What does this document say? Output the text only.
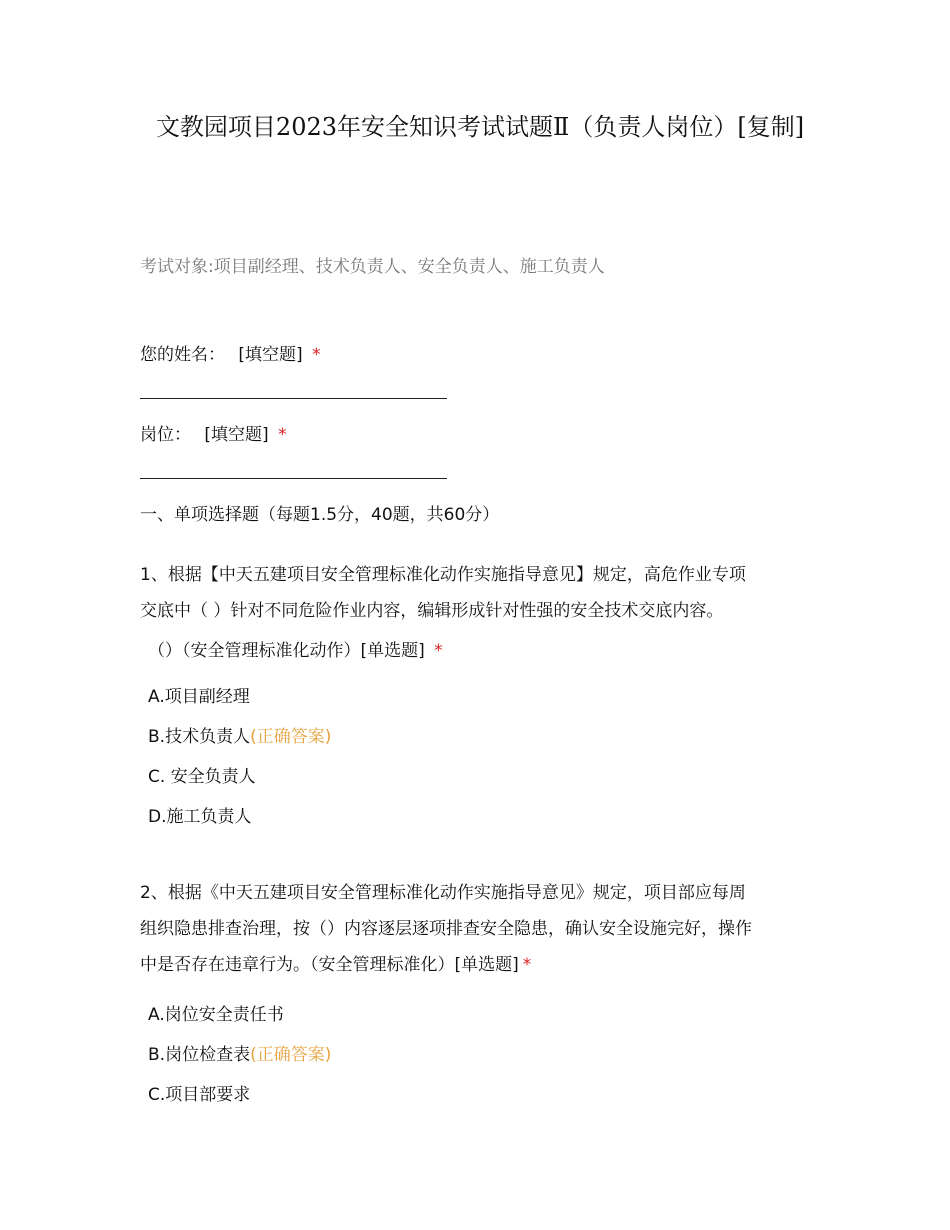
文教园项目2023年安全知识考试试题Ⅱ（负责人岗位）[复制]
考试对象:项目副经理、技术负责人、安全负责人、施工负责人
您的姓名： [填空题] *
岗位： [填空题] *
一、单项选择题（每题1.5分，40题，共60分）
1、根据【中天五建项目安全管理标准化动作实施指导意见】规定，高危作业专项
交底中（ ）针对不同危险作业内容，编辑形成针对性强的安全技术交底内容。
（）（安全管理标准化动作）[单选题] *
A.项目副经理
B.技术负责人(正确答案)
C. 安全负责人
D.施工负责人
2、根据《中天五建项目安全管理标准化动作实施指导意见》规定，项目部应每周
组织隐患排查治理，按（）内容逐层逐项排查安全隐患，确认安全设施完好，操作
中是否存在违章行为。（安全管理标准化）[单选题] *
A.岗位安全责任书
B.岗位检查表(正确答案)
C.项目部要求
